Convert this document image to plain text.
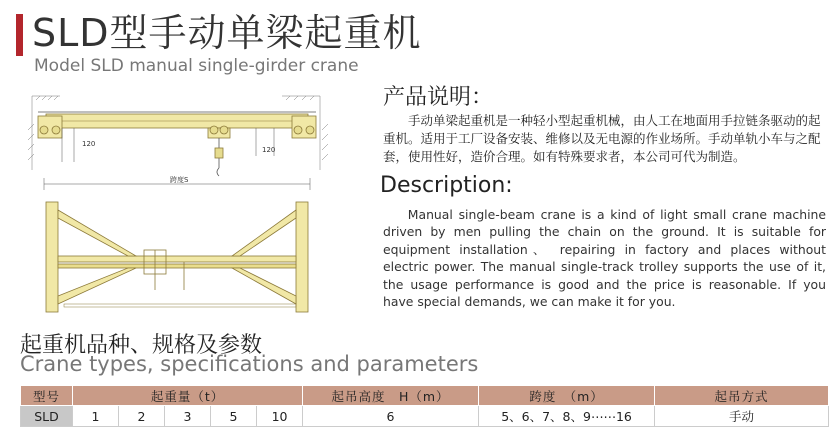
SLD型手动单梁起重机
Model SLD manual single-girder crane
120
120
跨度S
产品说明：
手动单梁起重机是一种轻小型起重机械，由人工在地面用手拉链条驱动的起重机。适用于工厂设备安装、维修以及无电源的作业场所。手动单轨小车与之配套，使用性好，造价合理。如有特殊要求者，本公司可代为制造。
Description:
Manual single-beam crane is a kind of light small crane machine driven by men pulling the chain on the ground. It is suitable for equipment installation、 repairing in factory and places without electric power. The manual single-track trolley supports the use of it, the usage performance is good and the price is reasonable. If you have special demands, we can make it for you.
起重机品种、规格及参数
Crane types, specifications and parameters
型号	起重量（t）					起吊高度　H（m）	跨度　（m）	起吊方式
SLD	1	2	3	5	10	6	5、6、7、8、9⋯⋯16	手动
